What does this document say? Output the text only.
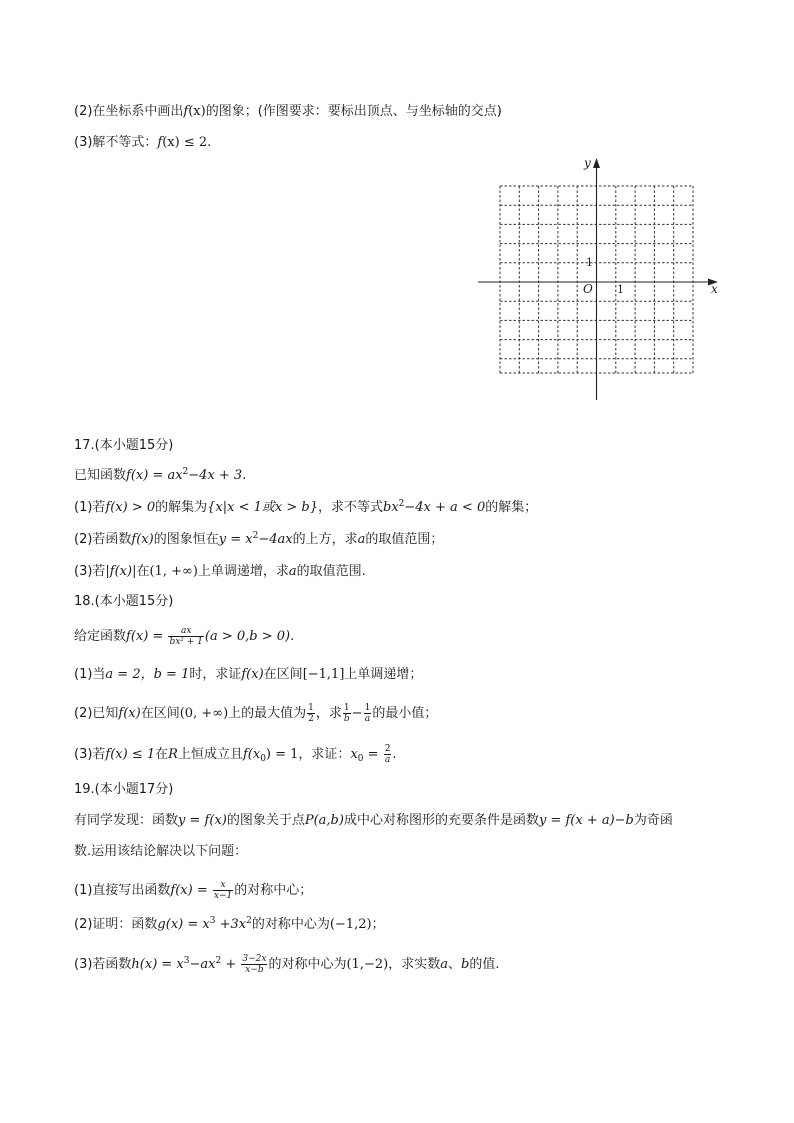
(2)在坐标系中画出f(x)的图象；(作图要求：要标出顶点、与坐标轴的交点)
(3)解不等式：f(x) ≤ 2.
y
x
O 1
1
17.(本小题15分)
已知函数$f(x) = ax^2-4x + 3$.
(1)若f(x) > 0的解集为{x|x < 1或x > b}，求不等式$bx^2-4x + a < 0$的解集；
(2)若函数f(x)的图象恒在$y = x^2-4ax$的上方，求a的取值范围；
(3)若|f(x)|在(1, +∞)上单调递增，求a的取值范围.
18.(本小题15分)
给定函数$f(x) = \frac{ax}{\text{bx² + 1}} (a > 0,b > 0)$.
(1)当a = 2，b = 1时，求证f(x)在区间[−1,1]上单调递增；
(2)已知f(x)在区间(0, +∞)上的最大值为 $\frac{1}{2}$ ，求 $\frac{1}{b} - \frac{1}{a}$ 的最小值；
(3)若f(x) ≤ 1在R上恒成立且$f(x_0) = 1$，求证：$x_0 = \frac{2}{a}$ .
19.(本小题17分)
有同学发现：函数y = f(x)的图象关于点P(a,b)成中心对称图形的充要条件是函数y = f(x + a)−b为奇函
数.运用该结论解决以下问题：
(1)直接写出函数$f(x) = \frac{x}{x-1}$ 的对称中心；
(2)证明：函数$g(x) = x^3 +3x^2$的对称中心为(−1,2)；
(3)若函数$h(x) = x^3-ax^2 + \frac{3-2x}{x-b}$ 的对称中心为(1,−2)，求实数a、b的值.
